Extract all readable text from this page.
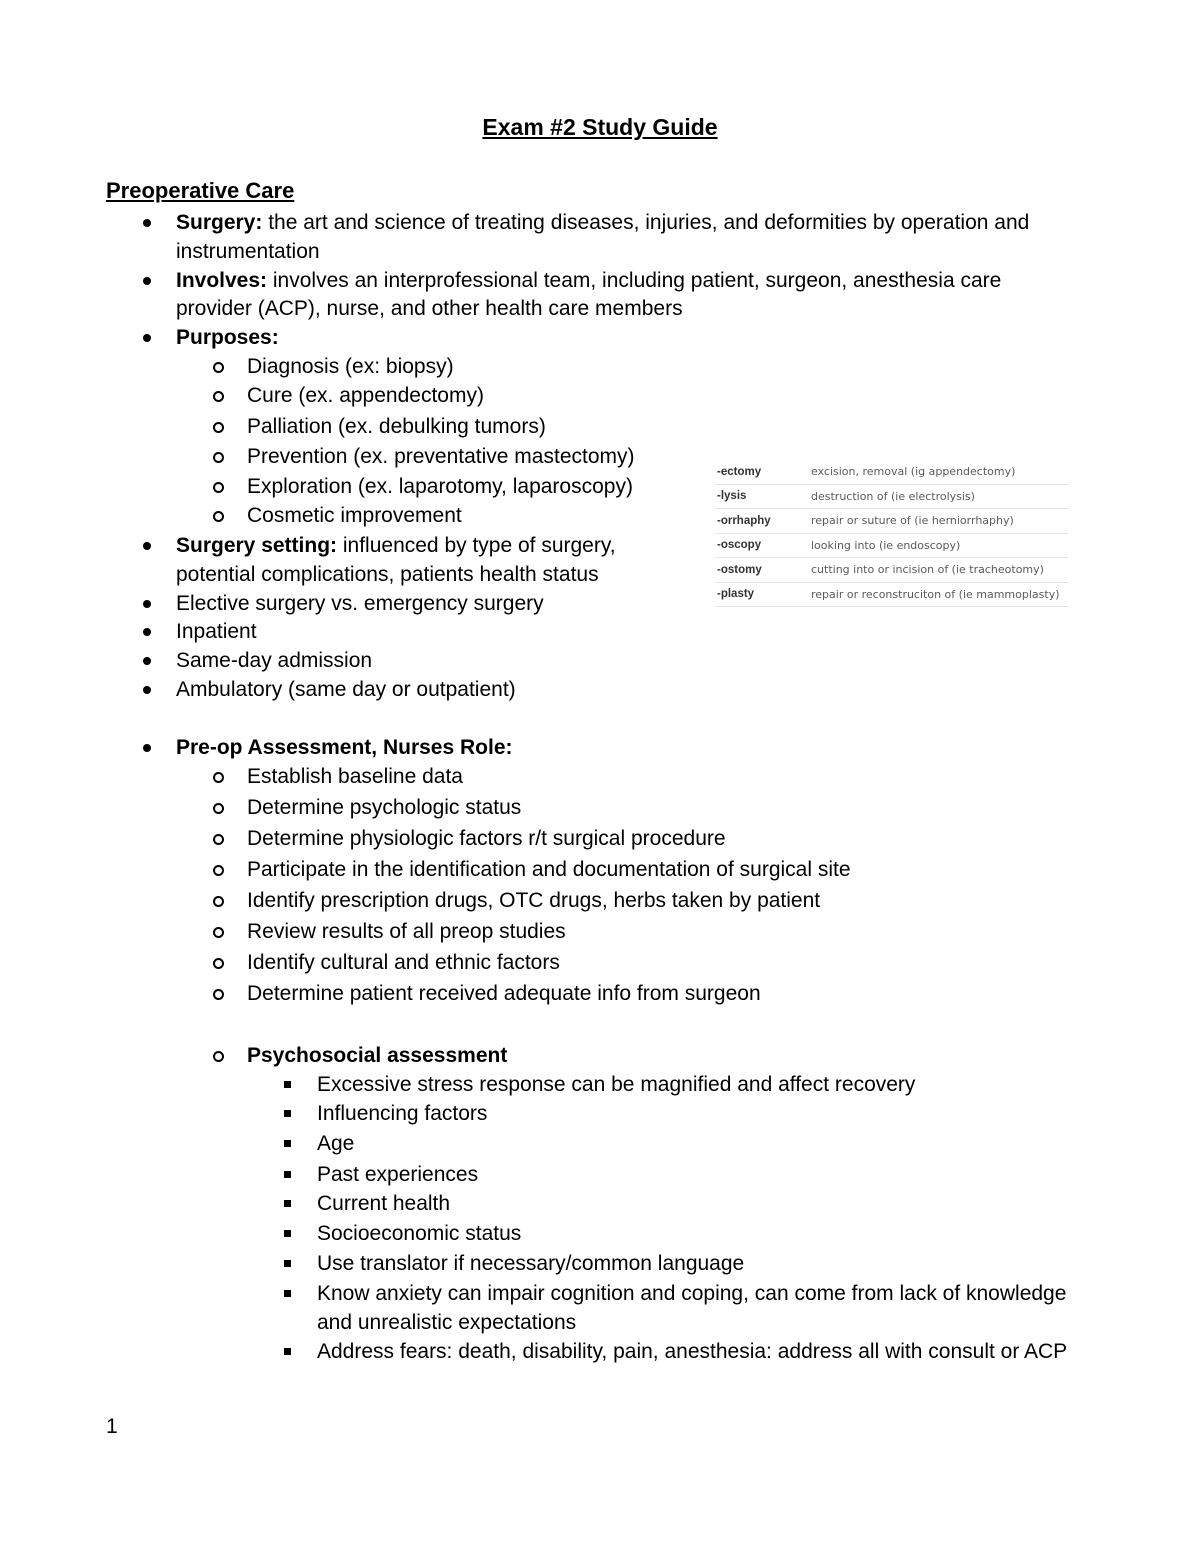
Exam #2 Study Guide
Preoperative Care
Surgery: the art and science of treating diseases, injuries, and deformities by operation and
instrumentation
Involves: involves an interprofessional team, including patient, surgeon, anesthesia care
provider (ACP), nurse, and other health care members
Purposes:
Diagnosis (ex: biopsy)
Cure (ex. appendectomy)
Palliation (ex. debulking tumors)
Prevention (ex. preventative mastectomy)
Exploration (ex. laparotomy, laparoscopy)
Cosmetic improvement
Surgery setting: influenced by type of surgery,
potential complications, patients health status
Elective surgery vs. emergency surgery
Inpatient
Same-day admission
Ambulatory (same day or outpatient)
Pre-op Assessment, Nurses Role:
Establish baseline data
Determine psychologic status
Determine physiologic factors r/t surgical procedure
Participate in the identification and documentation of surgical site
Identify prescription drugs, OTC drugs, herbs taken by patient
Review results of all preop studies
Identify cultural and ethnic factors
Determine patient received adequate info from surgeon
Psychosocial assessment
Excessive stress response can be magnified and affect recovery
Influencing factors
Age
Past experiences
Current health
Socioeconomic status
Use translator if necessary/common language
Know anxiety can impair cognition and coping, can come from lack of knowledge
and unrealistic expectations
Address fears: death, disability, pain, anesthesia: address all with consult or ACP
-ectomy	excision, removal (ig appendectomy)
-lysis	destruction of (ie electrolysis)
-orrhaphy	repair or suture of (ie herniorrhaphy)
-oscopy	looking into (ie endoscopy)
-ostomy	cutting into or incision of (ie tracheotomy)
-plasty	repair or reconstruciton of (ie mammoplasty)
1
